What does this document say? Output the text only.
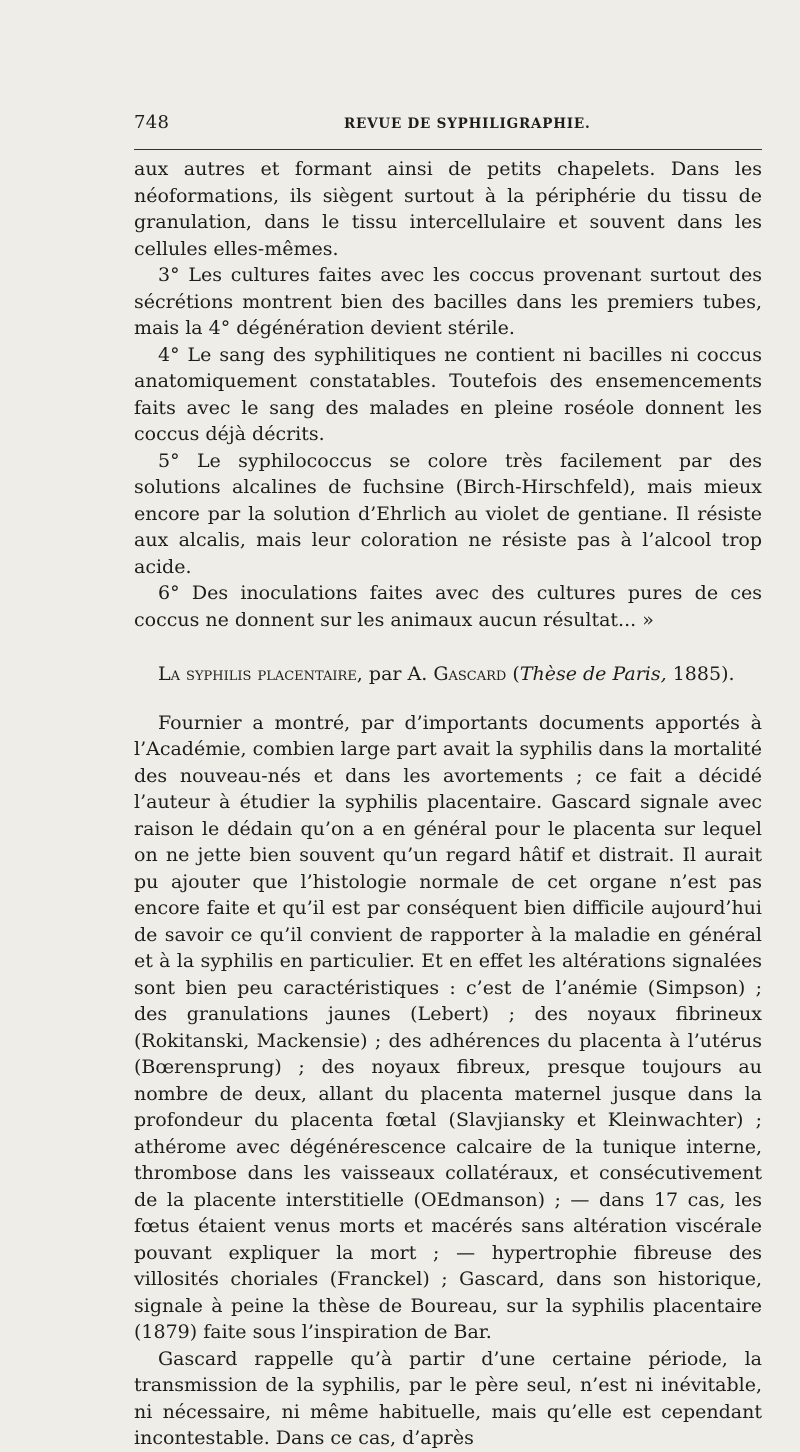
748	REVUE DE SYPHILIGRAPHIE.

aux autres et formant ainsi de petits chapelets. Dans les néoformations, ils siègent surtout à la périphérie du tissu de granulation, dans le tissu intercellulaire et souvent dans les cellules elles-mêmes.

3° Les cultures faites avec les coccus provenant surtout des sécrétions montrent bien des bacilles dans les premiers tubes, mais la 4° dégénération devient stérile.

4° Le sang des syphilitiques ne contient ni bacilles ni coccus anatomiquement constatables. Toutefois des ensemencements faits avec le sang des malades en pleine roséole donnent les coccus déjà décrits.

5° Le syphilococcus se colore très facilement par des solutions alcalines de fuchsine (Birch-Hirschfeld), mais mieux encore par la solution d’Ehrlich au violet de gentiane. Il résiste aux alcalis, mais leur coloration ne résiste pas à l’alcool trop acide.

6° Des inoculations faites avec des cultures pures de ces coccus ne donnent sur les animaux aucun résultat... »

La syphilis placentaire, par A. Gascard (Thèse de Paris, 1885).

Fournier a montré, par d’importants documents apportés à l’Académie, combien large part avait la syphilis dans la mortalité des nouveau-nés et dans les avortements ; ce fait a décidé l’auteur à étudier la syphilis placentaire. Gascard signale avec raison le dédain qu’on a en général pour le placenta sur lequel on ne jette bien souvent qu’un regard hâtif et distrait. Il aurait pu ajouter que l’histologie normale de cet organe n’est pas encore faite et qu’il est par conséquent bien difficile aujourd’hui de savoir ce qu’il convient de rapporter à la maladie en général et à la syphilis en particulier. Et en effet les altérations signalées sont bien peu caractéristiques : c’est de l’anémie (Simpson) ; des granulations jaunes (Lebert) ; des noyaux fibrineux (Rokitanski, Mackensie) ; des adhérences du placenta à l’utérus (Bœrensprung) ; des noyaux fibreux, presque toujours au nombre de deux, allant du placenta maternel jusque dans la profondeur du placenta fœtal (Slavjiansky et Kleinwachter) ; athérome avec dégénérescence calcaire de la tunique interne, thrombose dans les vaisseaux collatéraux, et consécutivement de la placente interstitielle (OEdmanson) ; — dans 17 cas, les fœtus étaient venus morts et macérés sans altération viscérale pouvant expliquer la mort ; — hypertrophie fibreuse des villosités choriales (Franckel) ; Gascard, dans son historique, signale à peine la thèse de Boureau, sur la syphilis placentaire (1879) faite sous l’inspiration de Bar.

Gascard rappelle qu’à partir d’une certaine période, la transmission de la syphilis, par le père seul, n’est ni inévitable, ni nécessaire, ni même habituelle, mais qu’elle est cependant incontestable. Dans ce cas, d’après
